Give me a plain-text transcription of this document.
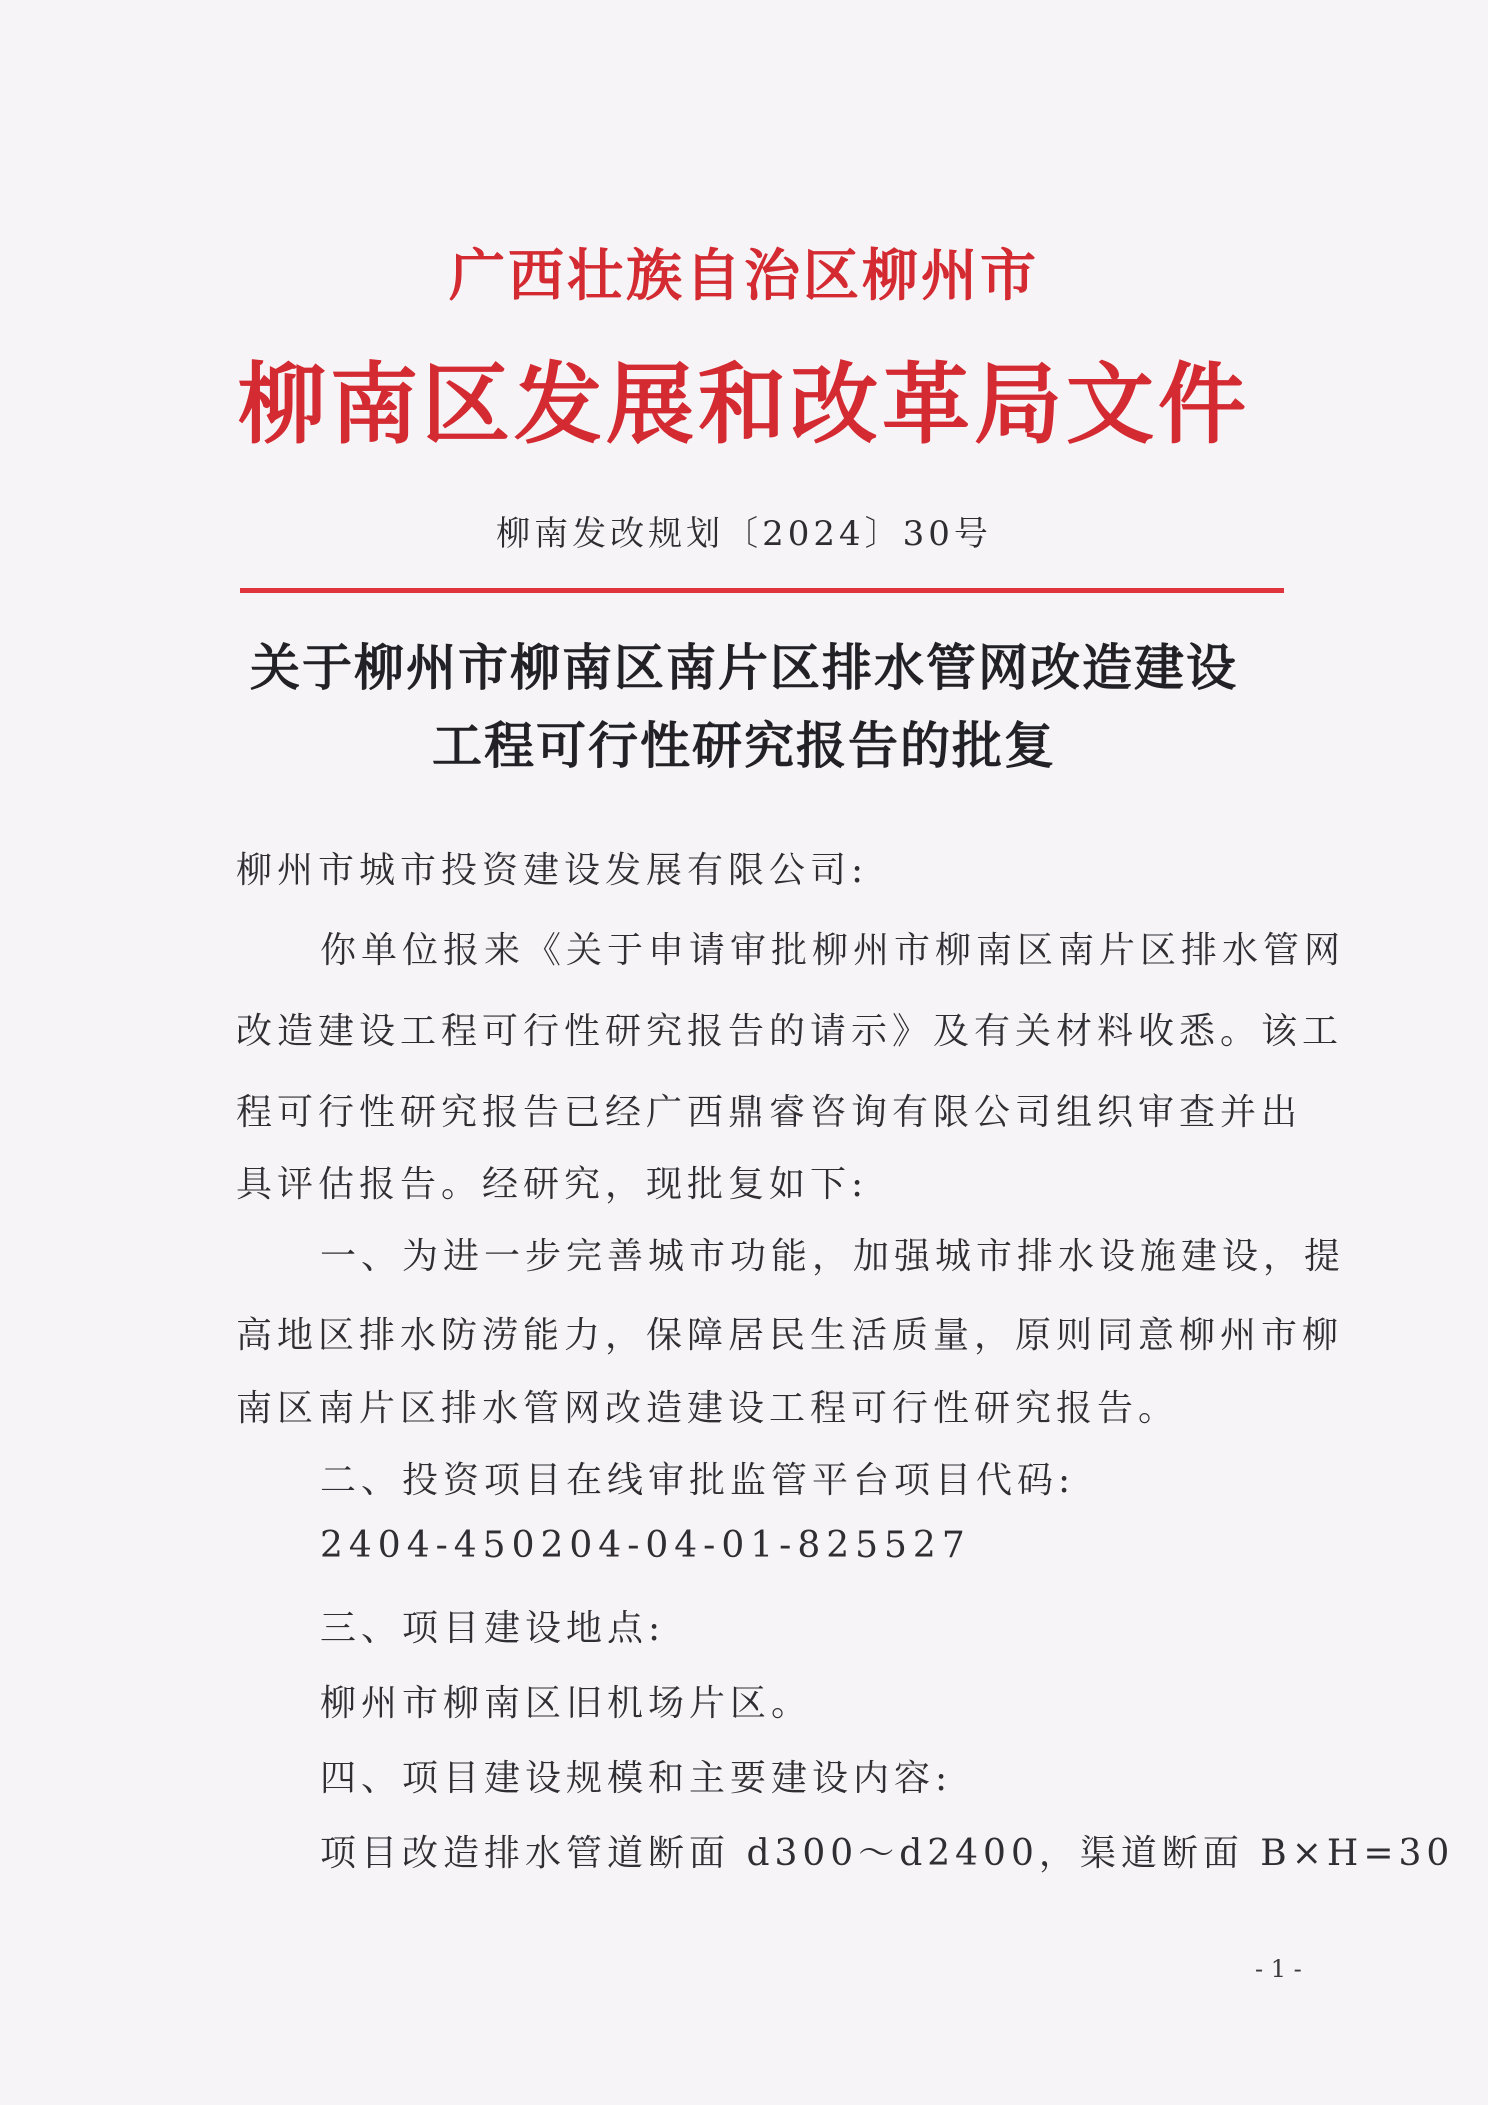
广西壮族自治区柳州市
柳南区发展和改革局文件
柳南发改规划〔2024〕30号
关于柳州市柳南区南片区排水管网改造建设
工程可行性研究报告的批复
柳州市城市投资建设发展有限公司:
你单位报来《关于申请审批柳州市柳南区南片区排水管网
改造建设工程可行性研究报告的请示》及有关材料收悉。该工
程可行性研究报告已经广西鼎睿咨询有限公司组织审查并出
具评估报告。经研究，现批复如下:
一、为进一步完善城市功能，加强城市排水设施建设，提
高地区排水防涝能力，保障居民生活质量，原则同意柳州市柳
南区南片区排水管网改造建设工程可行性研究报告。
二、投资项目在线审批监管平台项目代码:
2404-450204-04-01-825527
三、项目建设地点:
柳州市柳南区旧机场片区。
四、项目建设规模和主要建设内容:
项目改造排水管道断面 d300～d2400，渠道断面 B×H=30
- 1 -
